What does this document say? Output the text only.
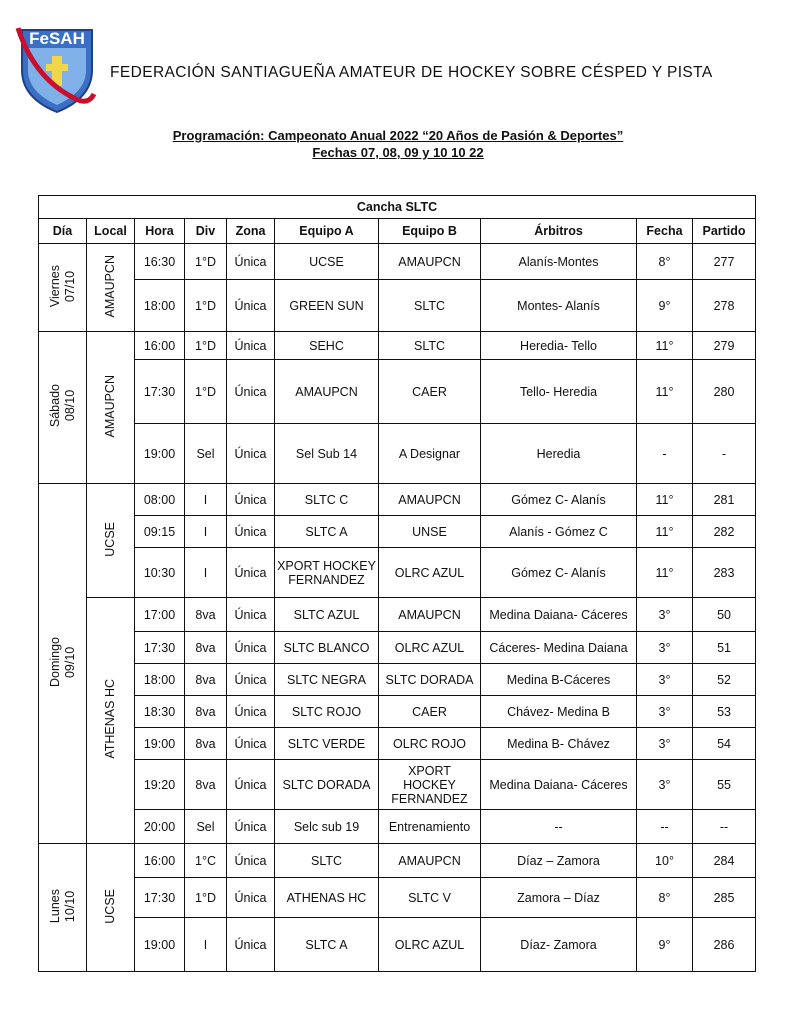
FeSAH
FEDERACIÓN SANTIAGUEÑA AMATEUR DE HOCKEY SOBRE CÉSPED Y PISTA
Programación: Campeonato Anual 2022 “20 Años de Pasión & Deportes”
Fechas 07, 08, 09 y 10 10 22
Cancha SLTC									
Día	Local	Hora	Div	Zona	Equipo A	Equipo B	Árbitros	Fecha	Partido
Viernes
07/10	AMAUPCN	16:30	1°D	Única	UCSE	AMAUPCN	Alanís-Montes	8°	277
		18:00	1°D	Única	GREEN SUN	SLTC	Montes- Alanís	9°	278
Sábado
08/10	AMAUPCN	16:00	1°D	Única	SEHC	SLTC	Heredia- Tello	11°	279
		17:30	1°D	Única	AMAUPCN	CAER	Tello- Heredia	11°	280
		19:00	Sel	Única	Sel Sub 14	A Designar	Heredia	-	-
Domingo
09/10	UCSE	08:00	I	Única	SLTC C	AMAUPCN	Gómez C- Alanís	11°	281
		09:15	I	Única	SLTC A	UNSE	Alanís - Gómez C	11°	282
		10:30	I	Única	XPORT HOCKEY FERNANDEZ	OLRC AZUL	Gómez C- Alanís	11°	283
	ATHENAS HC	17:00	8va	Única	SLTC AZUL	AMAUPCN	Medina Daiana- Cáceres	3°	50
		17:30	8va	Única	SLTC BLANCO	OLRC AZUL	Cáceres- Medina Daiana	3°	51
		18:00	8va	Única	SLTC NEGRA	SLTC DORADA	Medina B-Cáceres	3°	52
		18:30	8va	Única	SLTC ROJO	CAER	Chávez- Medina B	3°	53
		19:00	8va	Única	SLTC VERDE	OLRC ROJO	Medina B- Chávez	3°	54
		19:20	8va	Única	SLTC DORADA	XPORT HOCKEY FERNANDEZ	Medina Daiana- Cáceres	3°	55
		20:00	Sel	Única	Selc sub 19	Entrenamiento	--	--	--
Lunes
10/10	UCSE	16:00	1°C	Única	SLTC	AMAUPCN	Díaz – Zamora	10°	284
		17:30	1°D	Única	ATHENAS HC	SLTC V	Zamora – Díaz	8°	285
		19:00	I	Única	SLTC A	OLRC AZUL	Díaz- Zamora	9°	286
